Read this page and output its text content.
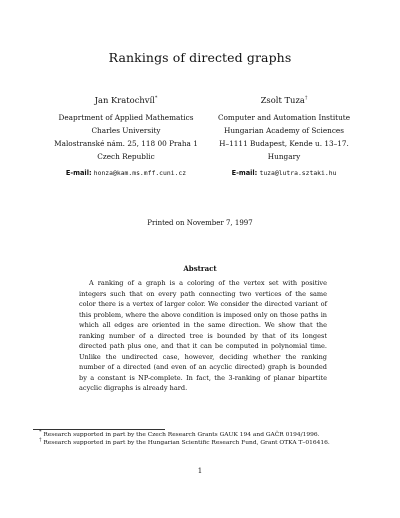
Rankings of directed graphs
Jan Kratochvíl*
Deaprtment of Applied Mathematics
Charles University
Malostranské nám. 25, 118 00 Praha 1
Czech Republic
E-mail: honza@kam.ms.mff.cuni.cz
Zsolt Tuza†
Computer and Automation Institute
Hungarian Academy of Sciences
H–1111 Budapest, Kende u. 13–17.
Hungary
E-mail: tuza@lutra.sztaki.hu
Printed on November 7, 1997
Abstract

A ranking of a graph is a coloring of the vertex set with positive integers such that on every path connecting two vertices of the same color there is a vertex of larger color. We consider the directed variant of this problem, where the above condition is imposed only on those paths in which all edges are oriented in the same direction. We show that the ranking number of a directed tree is bounded by that of its longest directed path plus one, and that it can be computed in polynomial time. Unlike the undirected case, however, deciding whether the ranking number of a directed (and even of an acyclic directed) graph is bounded by a constant is NP-complete. In fact, the 3-ranking of planar bipartite acyclic digraphs is already hard.

* Research supported in part by the Czech Research Grants GAUK 194 and GAČR 0194/1996.

† Research supported in part by the Hungarian Scientific Research Fund, Grant OTKA T–016416.

1
